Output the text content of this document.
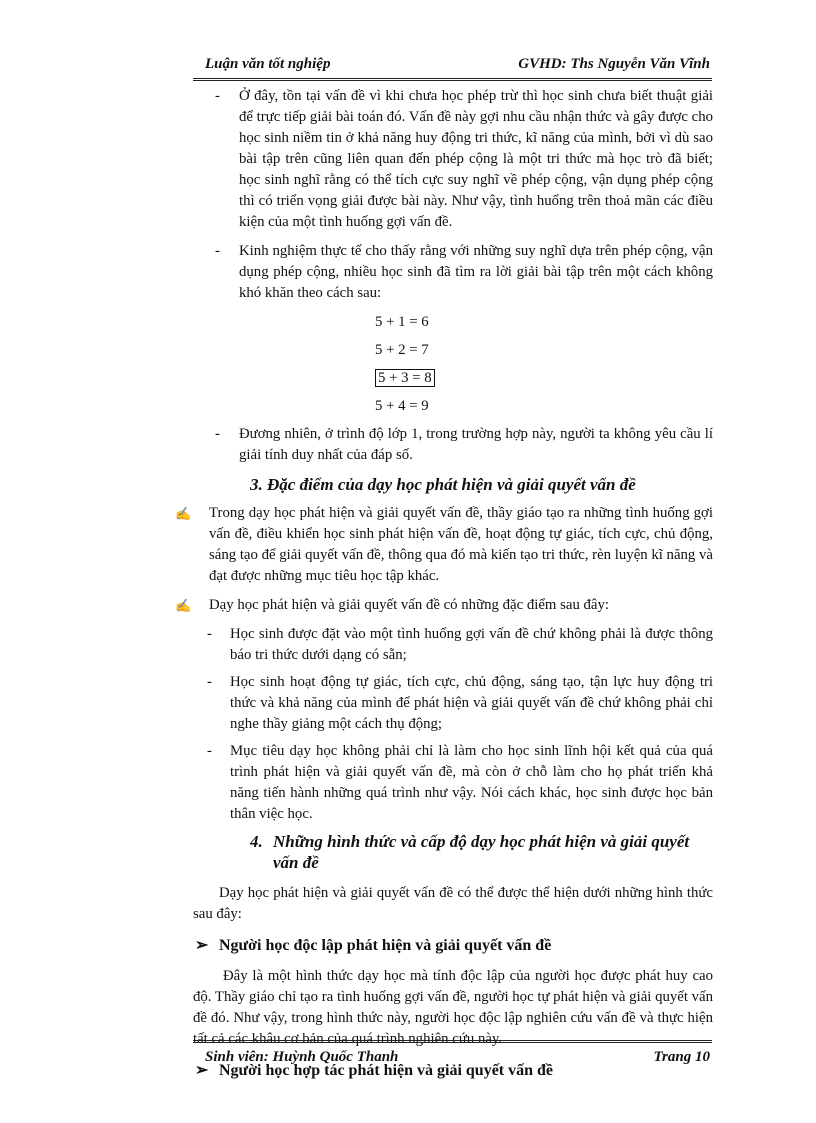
Luận văn tốt nghiệp	GVHD: Ths Nguyễn Văn Vĩnh
- Ở đây, tồn tại vấn đề vì khi chưa học phép trừ thì học sinh chưa biết thuật giải để trực tiếp giải bài toán đó. Vấn đề này gợi nhu cầu nhận thức và gây được cho học sinh niềm tin ở khả năng huy động tri thức, kĩ năng của mình, bởi vì dù sao bài tập trên cũng liên quan đến phép cộng là một tri thức mà học trò đã biết; học sinh nghĩ rằng có thể tích cực suy nghĩ về phép cộng, vận dụng phép cộng thì có triển vọng giải được bài này. Như vậy, tình huống trên thoả mãn các điều kiện của một tình huống gợi vấn đề.
- Kinh nghiệm thực tế cho thấy rằng với những suy nghĩ dựa trên phép cộng, vận dụng phép cộng, nhiều học sinh đã tìm ra lời giải bài tập trên một cách không khó khăn theo cách sau:
5 + 1 = 6
5 + 2 = 7
5 + 3 = 8
5 + 4 = 9
- Đương nhiên, ở trình độ lớp 1, trong trường hợp này, người ta không yêu cầu lí giải tính duy nhất của đáp số.
3. Đặc điểm của dạy học phát hiện và giải quyết vấn đề
✍ Trong dạy học phát hiện và giải quyết vấn đề, thầy giáo tạo ra những tình huống gợi vấn đề, điều khiển học sinh phát hiện vấn đề, hoạt động tự giác, tích cực, chủ động, sáng tạo để giải quyết vấn đề, thông qua đó mà kiến tạo tri thức, rèn luyện kĩ năng và đạt được những mục tiêu học tập khác.
✍ Dạy học phát hiện và giải quyết vấn đề có những đặc điểm sau đây:
- Học sinh được đặt vào một tình huống gợi vấn đề chứ không phải là được thông báo tri thức dưới dạng có sẵn;
- Học sinh hoạt động tự giác, tích cực, chủ động, sáng tạo, tận lực huy động tri thức và khả năng của mình để phát hiện và giải quyết vấn đề chứ không phải chỉ nghe thầy giảng một cách thụ động;
- Mục tiêu dạy học không phải chỉ là làm cho học sinh lĩnh hội kết quả của quá trình phát hiện và giải quyết vấn đề, mà còn ở chỗ làm cho họ phát triển khả năng tiến hành những quá trình như vậy. Nói cách khác, học sinh được học bản thân việc học.
4. Những hình thức và cấp độ dạy học phát hiện và giải quyết vấn đề
Dạy học phát hiện và giải quyết vấn đề có thể được thể hiện dưới những hình thức sau đây:
➢ Người học độc lập phát hiện và giải quyết vấn đề
Đây là một hình thức dạy học mà tính độc lập của người học được phát huy cao độ. Thầy giáo chỉ tạo ra tình huống gợi vấn đề, người học tự phát hiện và giải quyết vấn đề đó. Như vậy, trong hình thức này, người học độc lập nghiên cứu vấn đề và thực hiện tất cả các khâu cơ bản của quá trình nghiên cứu này.
➢ Người học hợp tác phát hiện và giải quyết vấn đề
Sinh viên: Huỳnh Quốc Thanh	Trang 10
